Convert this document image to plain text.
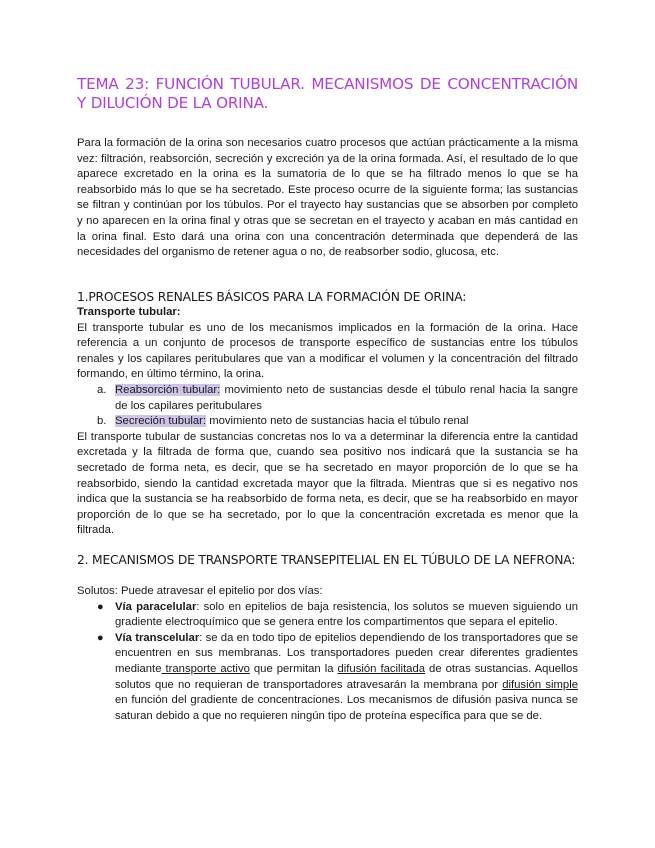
TEMA 23: FUNCIÓN TUBULAR. MECANISMOS DE CONCENTRACIÓN Y DILUCIÓN DE LA ORINA.

Para la formación de la orina son necesarios cuatro procesos que actúan prácticamente a la misma vez: filtración, reabsorción, secreción y excreción ya de la orina formada. Así, el resultado de lo que aparece excretado en la orina es la sumatoria de lo que se ha filtrado menos lo que se ha reabsorbido más lo que se ha secretado. Este proceso ocurre de la siguiente forma; las sustancias se filtran y continúan por los túbulos. Por el trayecto hay sustancias que se absorben por completo y no aparecen en la orina final y otras que se secretan en el trayecto y acaban en más cantidad en la orina final. Esto dará una orina con una concentración determinada que dependerá de las necesidades del organismo de retener agua o no, de reabsorber sodio, glucosa, etc.

1.PROCESOS RENALES BÁSICOS PARA LA FORMACIÓN DE ORINA:

Transporte tubular:

El transporte tubular es uno de los mecanismos implicados en la formación de la orina. Hace referencia a un conjunto de procesos de transporte específico de sustancias entre los túbulos renales y los capilares peritubulares que van a modificar el volumen y la concentración del filtrado formando, en último término, la orina.

a. Reabsorción tubular: movimiento neto de sustancias desde el túbulo renal hacia la sangre de los capilares peritubulares
b. Secreción tubular: movimiento neto de sustancias hacia el túbulo renal

El transporte tubular de sustancias concretas nos lo va a determinar la diferencia entre la cantidad excretada y la filtrada de forma que, cuando sea positivo nos indicará que la sustancia se ha secretado de forma neta, es decir, que se ha secretado en mayor proporción de lo que se ha reabsorbido, siendo la cantidad excretada mayor que la filtrada. Mientras que si es negativo nos indica que la sustancia se ha reabsorbido de forma neta, es decir, que se ha reabsorbido en mayor proporción de lo que se ha secretado, por lo que la concentración excretada es menor que la filtrada.

2. MECANISMOS DE TRANSPORTE TRANSEPITELIAL EN EL TÚBULO DE LA NEFRONA:

Solutos: Puede atravesar el epitelio por dos vías:

● Vía paracelular: solo en epitelios de baja resistencia, los solutos se mueven siguiendo un gradiente electroquímico que se genera entre los compartimentos que separa el epitelio.
● Vía transcelular: se da en todo tipo de epitelios dependiendo de los transportadores que se encuentren en sus membranas. Los transportadores pueden crear diferentes gradientes mediante transporte activo que permitan la difusión facilitada de otras sustancias. Aquellos solutos que no requieran de transportadores atravesarán la membrana por difusión simple en función del gradiente de concentraciones. Los mecanismos de difusión pasiva nunca se saturan debido a que no requieren ningún tipo de proteína específica para que se de.
